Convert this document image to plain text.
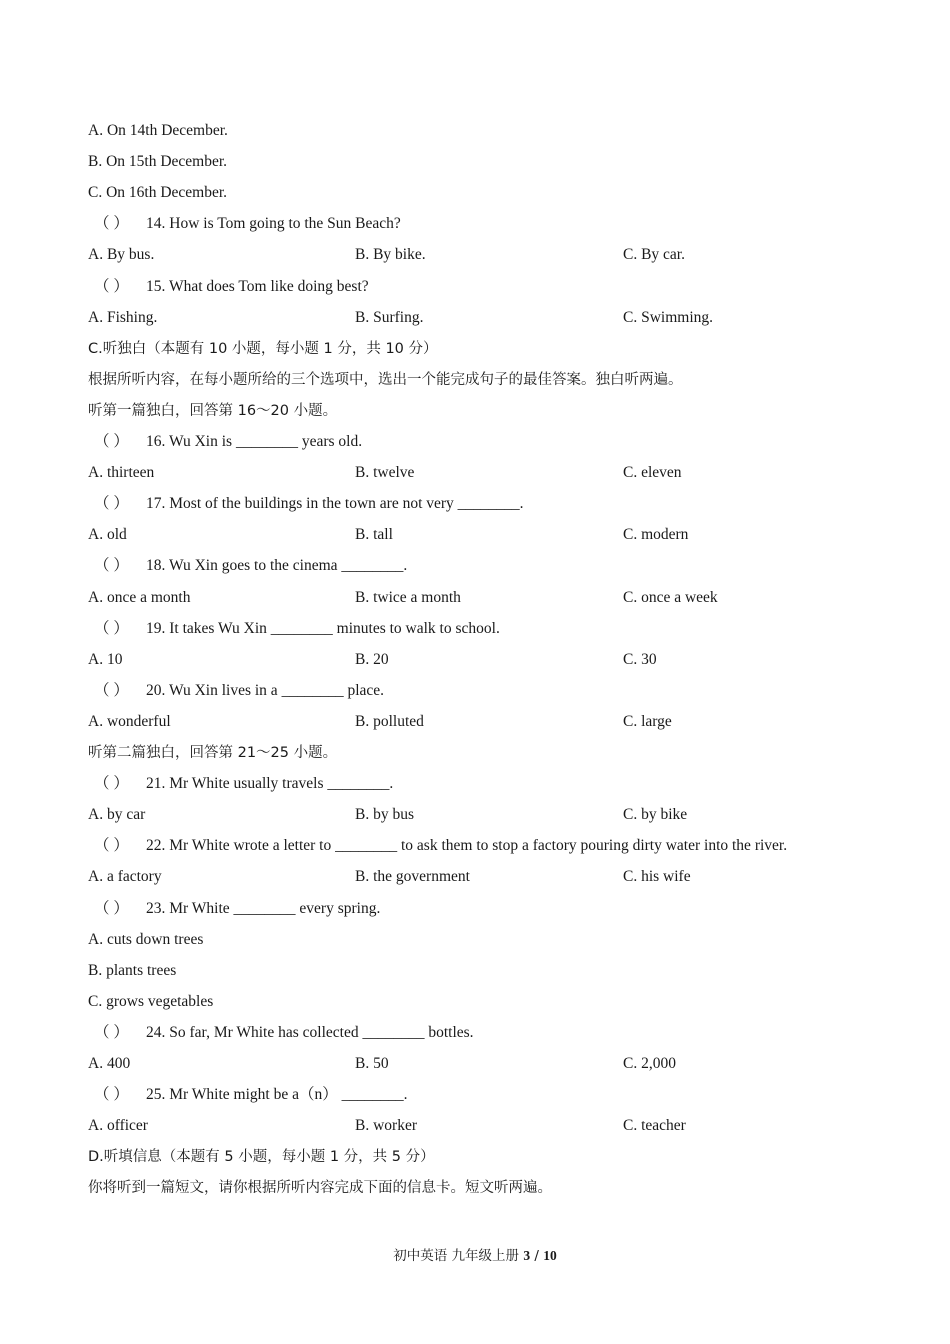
A. On 14th December.
B. On 15th December.
C. On 16th December.
（ ） 14. How is Tom going to the Sun Beach?
A. By bus.	B. By bike.	C. By car.
（ ） 15. What does Tom like doing best?
A. Fishing.	B. Surfing.	C. Swimming.
C.听独白（本题有 10 小题，每小题 1 分，共 10 分）
根据所听内容，在每小题所给的三个选项中，选出一个能完成句子的最佳答案。独白听两遍。
听第一篇独白，回答第 16～20 小题。
（ ） 16. Wu Xin is ________ years old.
A. thirteen	B. twelve	C. eleven
（ ） 17. Most of the buildings in the town are not very ________.
A. old	B. tall	C. modern
（ ） 18. Wu Xin goes to the cinema ________.
A. once a month	B. twice a month	C. once a week
（ ） 19. It takes Wu Xin ________ minutes to walk to school.
A. 10	B. 20	C. 30
（ ） 20. Wu Xin lives in a ________ place.
A. wonderful	B. polluted	C. large
听第二篇独白，回答第 21～25 小题。
（ ） 21. Mr White usually travels ________.
A. by car	B. by bus	C. by bike
（ ） 22. Mr White wrote a letter to ________ to ask them to stop a factory pouring dirty water into the river.
A. a factory	B. the government	C. his wife
（ ） 23. Mr White ________ every spring.
A. cuts down trees
B. plants trees
C. grows vegetables
（ ） 24. So far, Mr White has collected ________ bottles.
A. 400	B. 50	C. 2,000
（ ） 25. Mr White might be a（n） ________.
A. officer	B. worker	C. teacher
D.听填信息（本题有 5 小题，每小题 1 分，共 5 分）
你将听到一篇短文，请你根据所听内容完成下面的信息卡。短文听两遍。
初中英语 九年级上册 3 / 10
